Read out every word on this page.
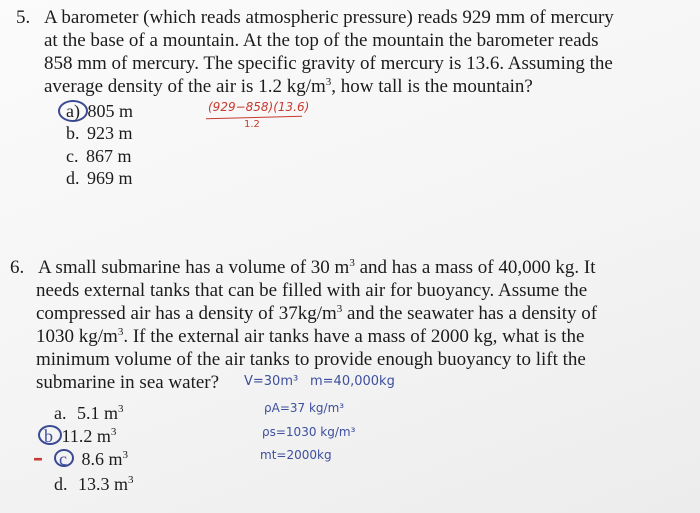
5. A barometer (which reads atmospheric pressure) reads 929 mm of mercury
at the base of a mountain. At the top of the mountain the barometer reads
858 mm of mercury. The specific gravity of mercury is 13.6. Assuming the
average density of the air is 1.2 $kg/m^3$, how tall is the mountain?
a) 805 m
b. 923 m
c. 867 m
d. 969 m
(929−858)(13.6)
1.2
6. A small submarine has a volume of 30 $m^3$ and has a mass of 40,000 kg. It
needs external tanks that can be filled with air for buoyancy. Assume the
compressed air has a density of $37kg/m^3$ and the seawater has a density of
1030 $kg/m^3$. If the external air tanks have a mass of 2000 kg, what is the
minimum volume of the air tanks to provide enough buoyancy to lift the
submarine in sea water? V=30m³ m=40,000kg
ρA=37 kg/m³
ρs=1030 kg/m³
mt=2000kg
a. 5.1 $m^3$
b 11.2 $m^3$
– c 8.6 $m^3$
d. 13.3 $m^3$
